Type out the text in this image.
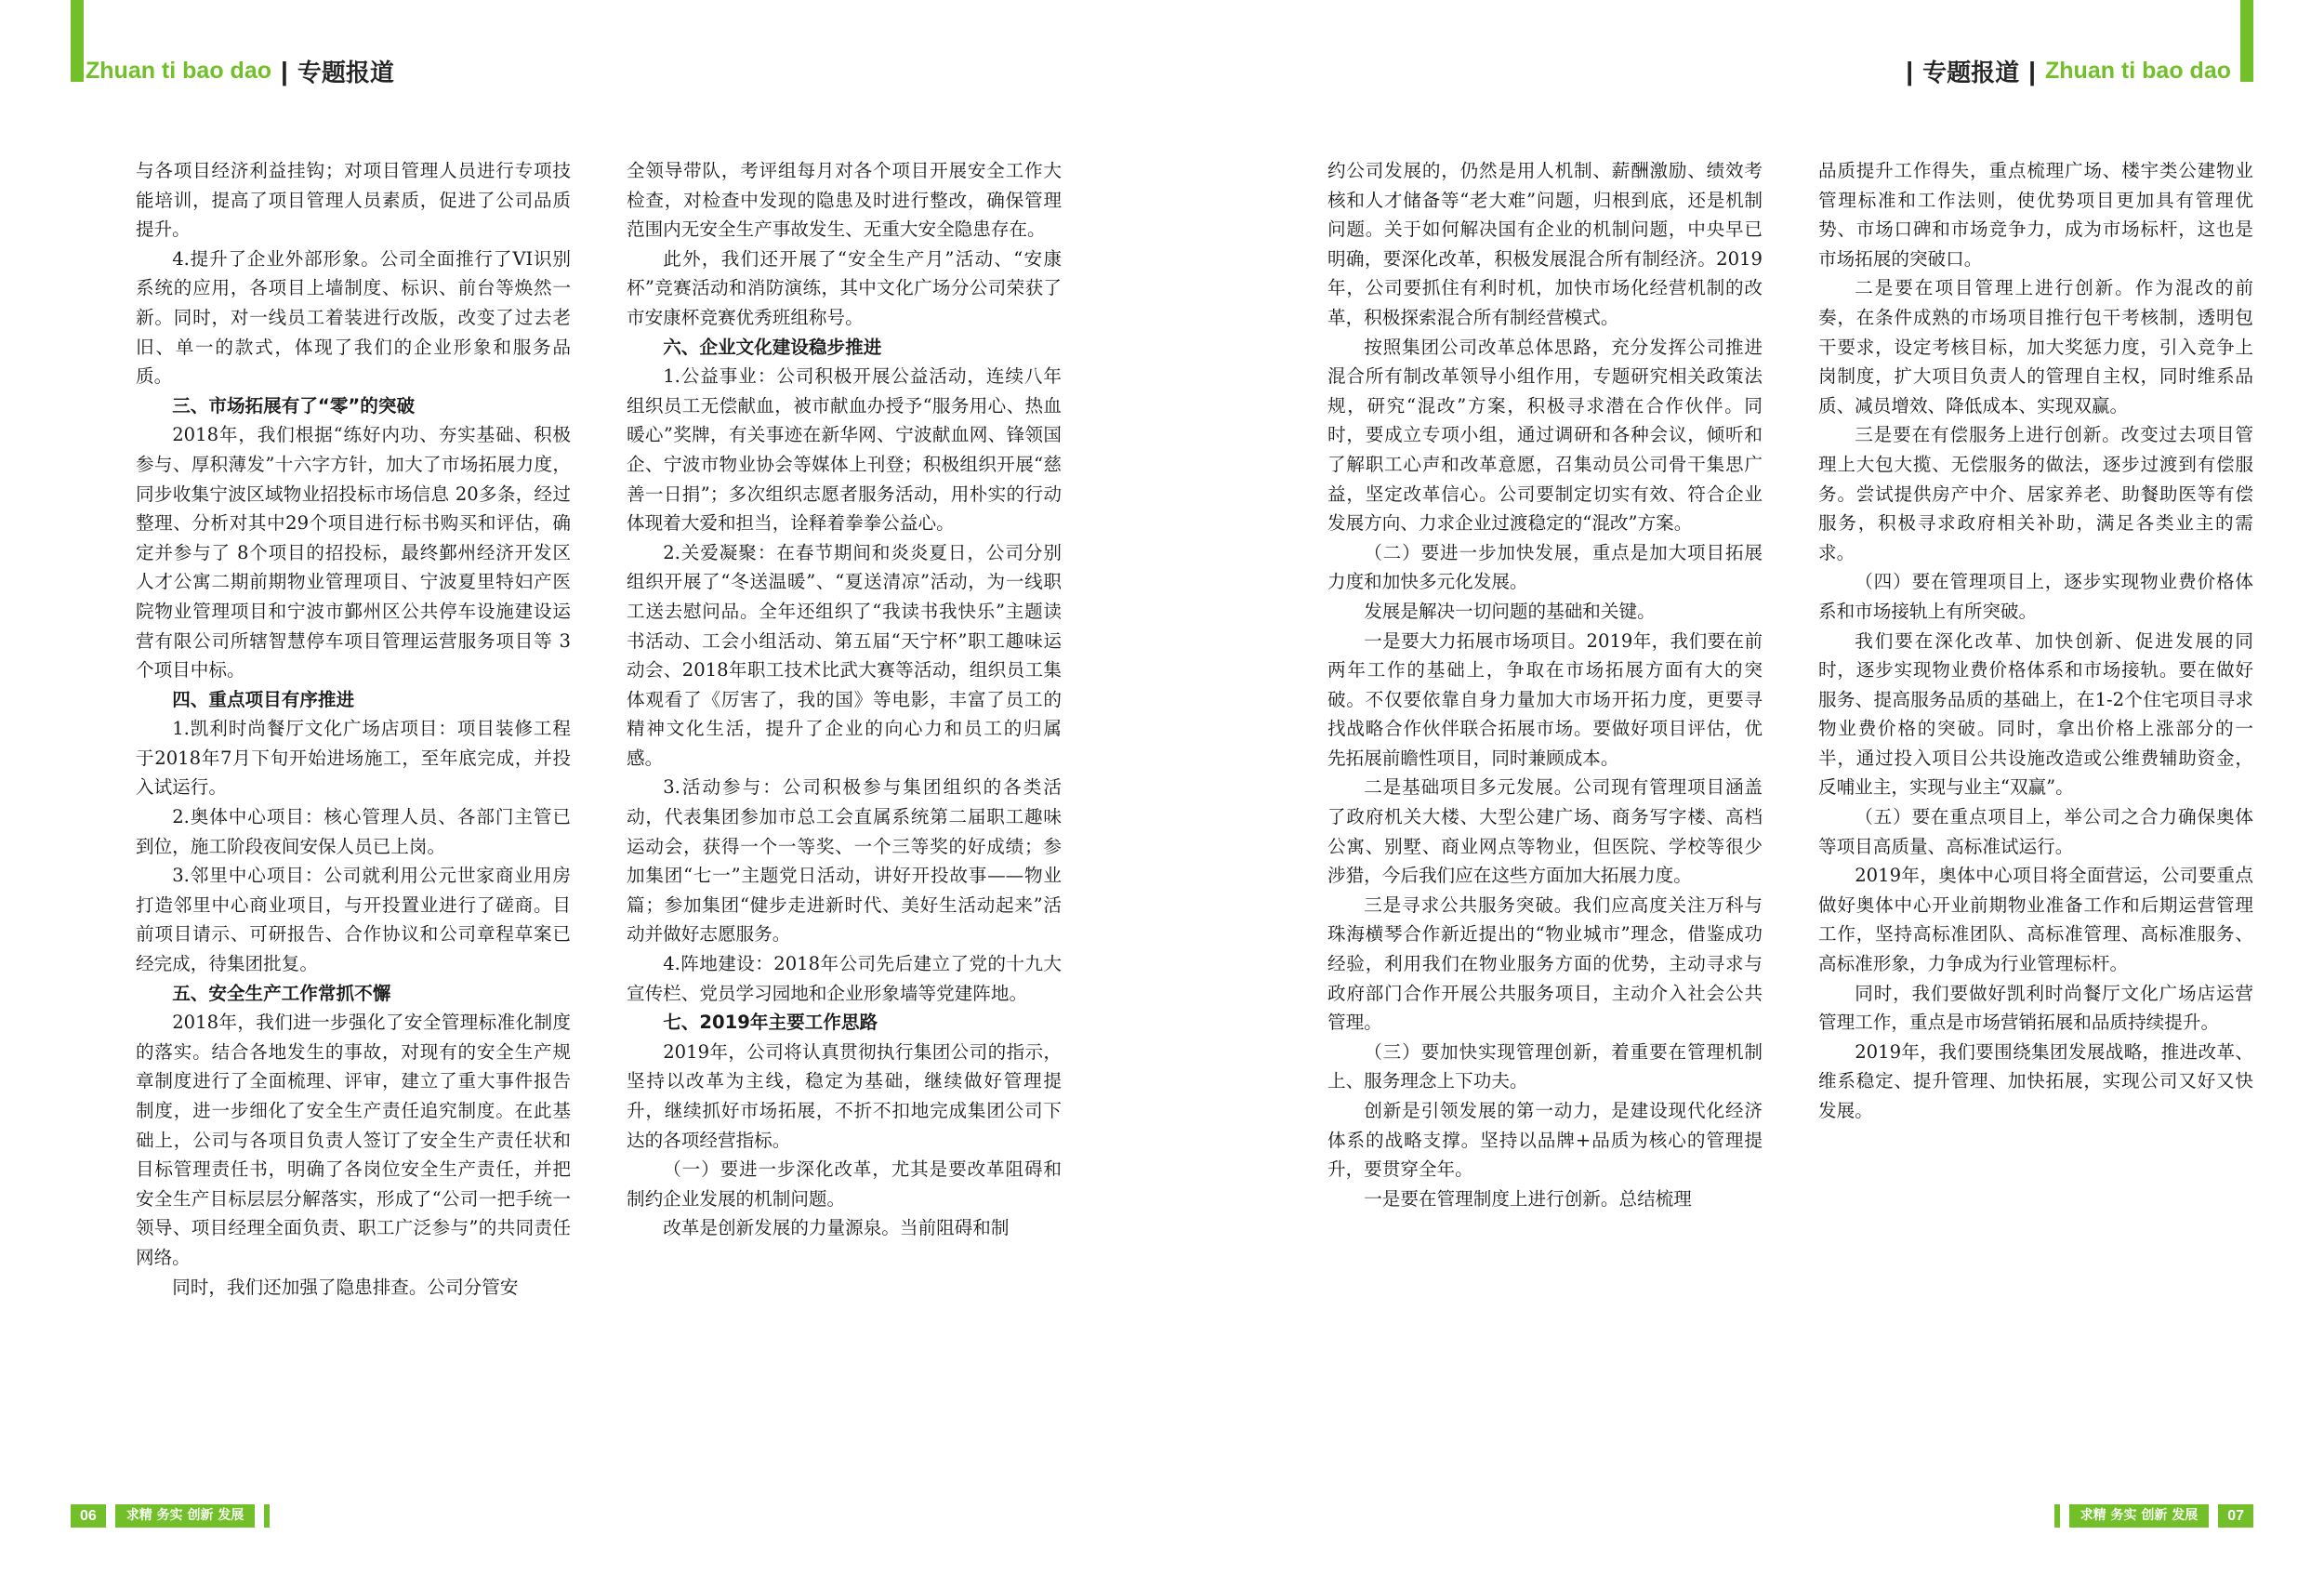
Zhuan ti bao dao | 专题报道

与各项目经济利益挂钩；对项目管理人员进行专项技能培训，提高了项目管理人员素质，促进了公司品质提升。

4.提升了企业外部形象。公司全面推行了VI识别系统的应用，各项目上墙制度、标识、前台等焕然一新。同时，对一线员工着装进行改版，改变了过去老旧、单一的款式，体现了我们的企业形象和服务品质。

三、市场拓展有了“零”的突破

2018年，我们根据“练好内功、夯实基础、积极参与、厚积薄发”十六字方针，加大了市场拓展力度，同步收集宁波区域物业招投标市场信息 20多条，经过整理、分析对其中29个项目进行标书购买和评估，确定并参与了 8个项目的招投标，最终鄞州经济开发区人才公寓二期前期物业管理项目、宁波夏里特妇产医院物业管理项目和宁波市鄞州区公共停车设施建设运营有限公司所辖智慧停车项目管理运营服务项目等 3个项目中标。

四、重点项目有序推进

1.凯利时尚餐厅文化广场店项目：项目装修工程于2018年7月下旬开始进场施工，至年底完成，并投入试运行。

2.奥体中心项目：核心管理人员、各部门主管已到位，施工阶段夜间安保人员已上岗。

3.邻里中心项目：公司就利用公元世家商业用房打造邻里中心商业项目，与开投置业进行了磋商。目前项目请示、可研报告、合作协议和公司章程草案已经完成，待集团批复。

五、安全生产工作常抓不懈

2018年，我们进一步强化了安全管理标准化制度的落实。结合各地发生的事故，对现有的安全生产规章制度进行了全面梳理、评审，建立了重大事件报告制度，进一步细化了安全生产责任追究制度。在此基础上，公司与各项目负责人签订了安全生产责任状和目标管理责任书，明确了各岗位安全生产责任，并把安全生产目标层层分解落实，形成了“公司一把手统一领导、项目经理全面负责、职工广泛参与”的共同责任网络。

同时，我们还加强了隐患排查。公司分管安

全领导带队，考评组每月对各个项目开展安全工作大检查，对检查中发现的隐患及时进行整改，确保管理范围内无安全生产事故发生、无重大安全隐患存在。

此外，我们还开展了“安全生产月”活动、“安康杯”竞赛活动和消防演练，其中文化广场分公司荣获了市安康杯竞赛优秀班组称号。

六、企业文化建设稳步推进

1.公益事业：公司积极开展公益活动，连续八年组织员工无偿献血，被市献血办授予“服务用心、热血暖心”奖牌，有关事迹在新华网、宁波献血网、锋领国企、宁波市物业协会等媒体上刊登；积极组织开展“慈善一日捐”；多次组织志愿者服务活动，用朴实的行动体现着大爱和担当，诠释着拳拳公益心。

2.关爱凝聚：在春节期间和炎炎夏日，公司分别组织开展了“冬送温暖”、“夏送清凉”活动，为一线职工送去慰问品。全年还组织了“我读书我快乐”主题读书活动、工会小组活动、第五届“天宁杯”职工趣味运动会、2018年职工技术比武大赛等活动，组织员工集体观看了《厉害了，我的国》等电影，丰富了员工的精神文化生活，提升了企业的向心力和员工的归属感。

3.活动参与：公司积极参与集团组织的各类活动，代表集团参加市总工会直属系统第二届职工趣味运动会，获得一个一等奖、一个三等奖的好成绩；参加集团“七一”主题党日活动，讲好开投故事——物业篇；参加集团“健步走进新时代、美好生活动起来”活动并做好志愿服务。

4.阵地建设：2018年公司先后建立了党的十九大宣传栏、党员学习园地和企业形象墙等党建阵地。

七、2019年主要工作思路

2019年，公司将认真贯彻执行集团公司的指示，坚持以改革为主线，稳定为基础，继续做好管理提升，继续抓好市场拓展，不折不扣地完成集团公司下达的各项经营指标。

（一）要进一步深化改革，尤其是要改革阻碍和制约企业发展的机制问题。

改革是创新发展的力量源泉。当前阻碍和制

06	求精 务实 创新 发展
| 专题报道 | Zhuan ti bao dao

约公司发展的，仍然是用人机制、薪酬激励、绩效考核和人才储备等“老大难”问题，归根到底，还是机制问题。关于如何解决国有企业的机制问题，中央早已明确，要深化改革，积极发展混合所有制经济。2019年，公司要抓住有利时机，加快市场化经营机制的改革，积极探索混合所有制经营模式。

按照集团公司改革总体思路，充分发挥公司推进混合所有制改革领导小组作用，专题研究相关政策法规，研究“混改”方案，积极寻求潜在合作伙伴。同时，要成立专项小组，通过调研和各种会议，倾听和了解职工心声和改革意愿，召集动员公司骨干集思广益，坚定改革信心。公司要制定切实有效、符合企业发展方向、力求企业过渡稳定的“混改”方案。

（二）要进一步加快发展，重点是加大项目拓展力度和加快多元化发展。

发展是解决一切问题的基础和关键。

一是要大力拓展市场项目。2019年，我们要在前两年工作的基础上，争取在市场拓展方面有大的突破。不仅要依靠自身力量加大市场开拓力度，更要寻找战略合作伙伴联合拓展市场。要做好项目评估，优先拓展前瞻性项目，同时兼顾成本。

二是基础项目多元发展。公司现有管理项目涵盖了政府机关大楼、大型公建广场、商务写字楼、高档公寓、别墅、商业网点等物业，但医院、学校等很少涉猎，今后我们应在这些方面加大拓展力度。

三是寻求公共服务突破。我们应高度关注万科与珠海横琴合作新近提出的“物业城市”理念，借鉴成功经验，利用我们在物业服务方面的优势，主动寻求与政府部门合作开展公共服务项目，主动介入社会公共管理。

（三）要加快实现管理创新，着重要在管理机制上、服务理念上下功夫。

创新是引领发展的第一动力，是建设现代化经济体系的战略支撑。坚持以品牌+品质为核心的管理提升，要贯穿全年。

一是要在管理制度上进行创新。总结梳理

品质提升工作得失，重点梳理广场、楼宇类公建物业管理标准和工作法则，使优势项目更加具有管理优势、市场口碑和市场竞争力，成为市场标杆，这也是市场拓展的突破口。

二是要在项目管理上进行创新。作为混改的前奏，在条件成熟的市场项目推行包干考核制，透明包干要求，设定考核目标，加大奖惩力度，引入竞争上岗制度，扩大项目负责人的管理自主权，同时维系品质、减员增效、降低成本、实现双赢。

三是要在有偿服务上进行创新。改变过去项目管理上大包大揽、无偿服务的做法，逐步过渡到有偿服务。尝试提供房产中介、居家养老、助餐助医等有偿服务，积极寻求政府相关补助，满足各类业主的需求。

（四）要在管理项目上，逐步实现物业费价格体系和市场接轨上有所突破。

我们要在深化改革、加快创新、促进发展的同时，逐步实现物业费价格体系和市场接轨。要在做好服务、提高服务品质的基础上，在1-2个住宅项目寻求物业费价格的突破。同时，拿出价格上涨部分的一半，通过投入项目公共设施改造或公维费辅助资金，反哺业主，实现与业主“双赢”。

（五）要在重点项目上，举公司之合力确保奥体等项目高质量、高标准试运行。

2019年，奥体中心项目将全面营运，公司要重点做好奥体中心开业前期物业准备工作和后期运营管理工作，坚持高标准团队、高标准管理、高标准服务、高标准形象，力争成为行业管理标杆。

同时，我们要做好凯利时尚餐厅文化广场店运营管理工作，重点是市场营销拓展和品质持续提升。

2019年，我们要围绕集团发展战略，推进改革、维系稳定、提升管理、加快拓展，实现公司又好又快发展。

求精 务实 创新 发展	07
